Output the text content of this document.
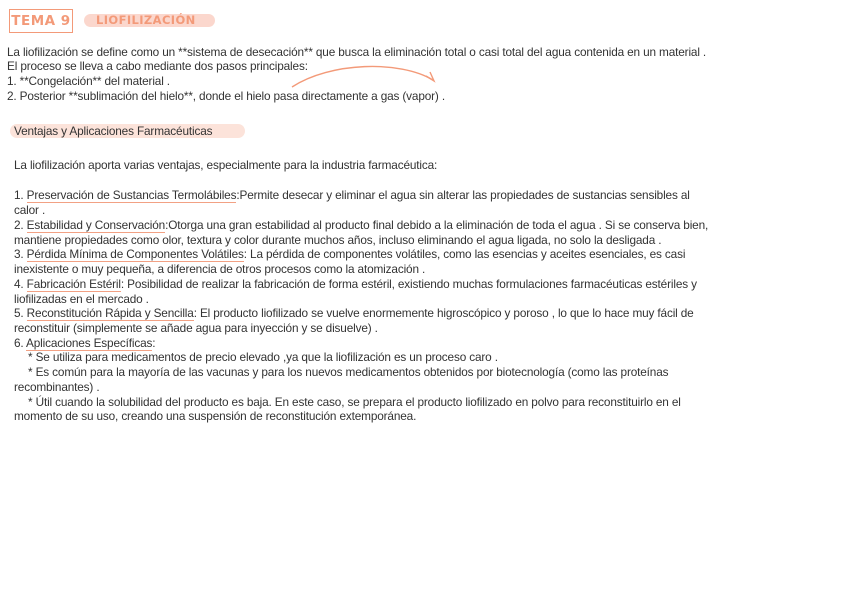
TEMA 9	LIOFILIZACIÓN
La liofilización se define como un **sistema de desecación** que busca la eliminación total o casi total del agua contenida en un material .
El proceso se lleva a cabo mediante dos pasos principales:
1. **Congelación** del material .
2. Posterior **sublimación del hielo**, donde el hielo pasa directamente a gas (vapor) .
Ventajas y Aplicaciones Farmacéuticas
La liofilización aporta varias ventajas, especialmente para la industria farmacéutica:
1. Preservación de Sustancias Termolábiles:Permite desecar y eliminar el agua sin alterar las propiedades de sustancias sensibles al
calor .
2. Estabilidad y Conservación:Otorga una gran estabilidad al producto final debido a la eliminación de toda el agua . Si se conserva bien,
mantiene propiedades como olor, textura y color durante muchos años, incluso eliminando el agua ligada, no solo la desligada .
3. Pérdida Mínima de Componentes Volátiles: La pérdida de componentes volátiles, como las esencias y aceites esenciales, es casi
inexistente o muy pequeña, a diferencia de otros procesos como la atomización .
4. Fabricación Estéril: Posibilidad de realizar la fabricación de forma estéril, existiendo muchas formulaciones farmacéuticas estériles y
liofilizadas en el mercado .
5. Reconstitución Rápida y Sencilla: El producto liofilizado se vuelve enormemente higroscópico y poroso , lo que lo hace muy fácil de
reconstituir (simplemente se añade agua para inyección y se disuelve) .
6. Aplicaciones Específicas:
* Se utiliza para medicamentos de precio elevado ,ya que la liofilización es un proceso caro .
* Es común para la mayoría de las vacunas y para los nuevos medicamentos obtenidos por biotecnología (como las proteínas
recombinantes) .
* Útil cuando la solubilidad del producto es baja. En este caso, se prepara el producto liofilizado en polvo para reconstituirlo en el
momento de su uso, creando una suspensión de reconstitución extemporánea.
